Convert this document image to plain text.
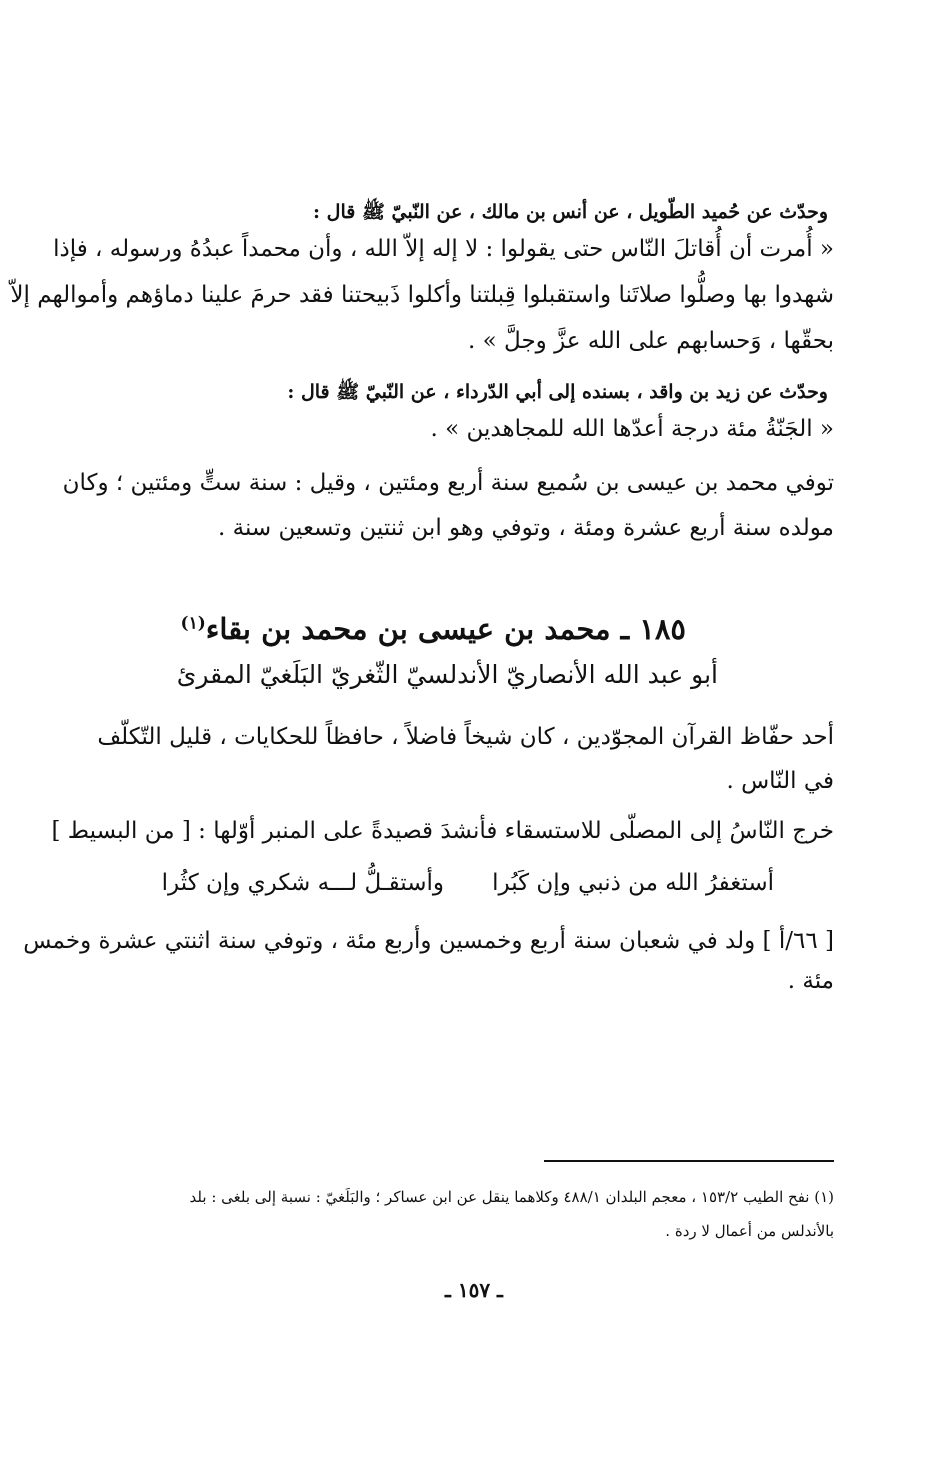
وحدّث عن حُميد الطّويل ، عن أنس بن مالك ، عن النّبيّ ﷺ قال :
« أُمرت أن أُقاتلَ النّاس حتى يقولوا : لا إله إلاّ الله ، وأن محمداً عبدُهُ ورسوله ، فإذا
شهدوا بها وصلُّوا صلاتَنا واستقبلوا قِبلتنا وأكلوا ذَبيحتنا فقد حرمَ علينا دماؤهم وأموالهم إلاّ
بحقّها ، وَحسابهم على الله عزَّ وجلَّ » .
وحدّث عن زيد بن واقد ، بسنده إلى أبي الدّرداء ، عن النّبيّ ﷺ قال :
« الجَنّةُ مئة درجة أعدّها الله للمجاهدين » .
توفي محمد بن عيسى بن سُميع سنة أربع ومئتين ، وقيل : سنة ستٍّ ومئتين ؛ وكان
مولده سنة أربع عشرة ومئة ، وتوفي وهو ابن ثنتين وتسعين سنة .
١٨٥ ـ محمد بن عيسى بن محمد بن بقاء$^{(١)}$
أبو عبد الله الأنصاريّ الأندلسيّ الثّغريّ البَلَغيّ المقرئ
أحد حفّاظ القرآن المجوّدين ، كان شيخاً فاضلاً ، حافظاً للحكايات ، قليل التّكلّف
في النّاس .
خرج النّاسُ إلى المصلّى للاستسقاء فأنشدَ قصيدةً على المنبر أوّلها : [ من البسيط ]
أستغفرُ الله من ذنبي وإن كَبُرا
وأستقـلُّ لـــه شكري وإن كثُرا
[ ٦٦/أ ] ولد في شعبان سنة أربع وخمسين وأربع مئة ، وتوفي سنة اثنتي عشرة وخمس
مئة .
(١) نفح الطيب ١٥٣/٢ ، معجم البلدان ٤٨٨/١ وكلاهما ينقل عن ابن عساكر ؛ والبَلَغيّ : نسبة إلى بلغى : بلد
بالأندلس من أعمال لا ردة .
ـ ١٥٧ ـ
